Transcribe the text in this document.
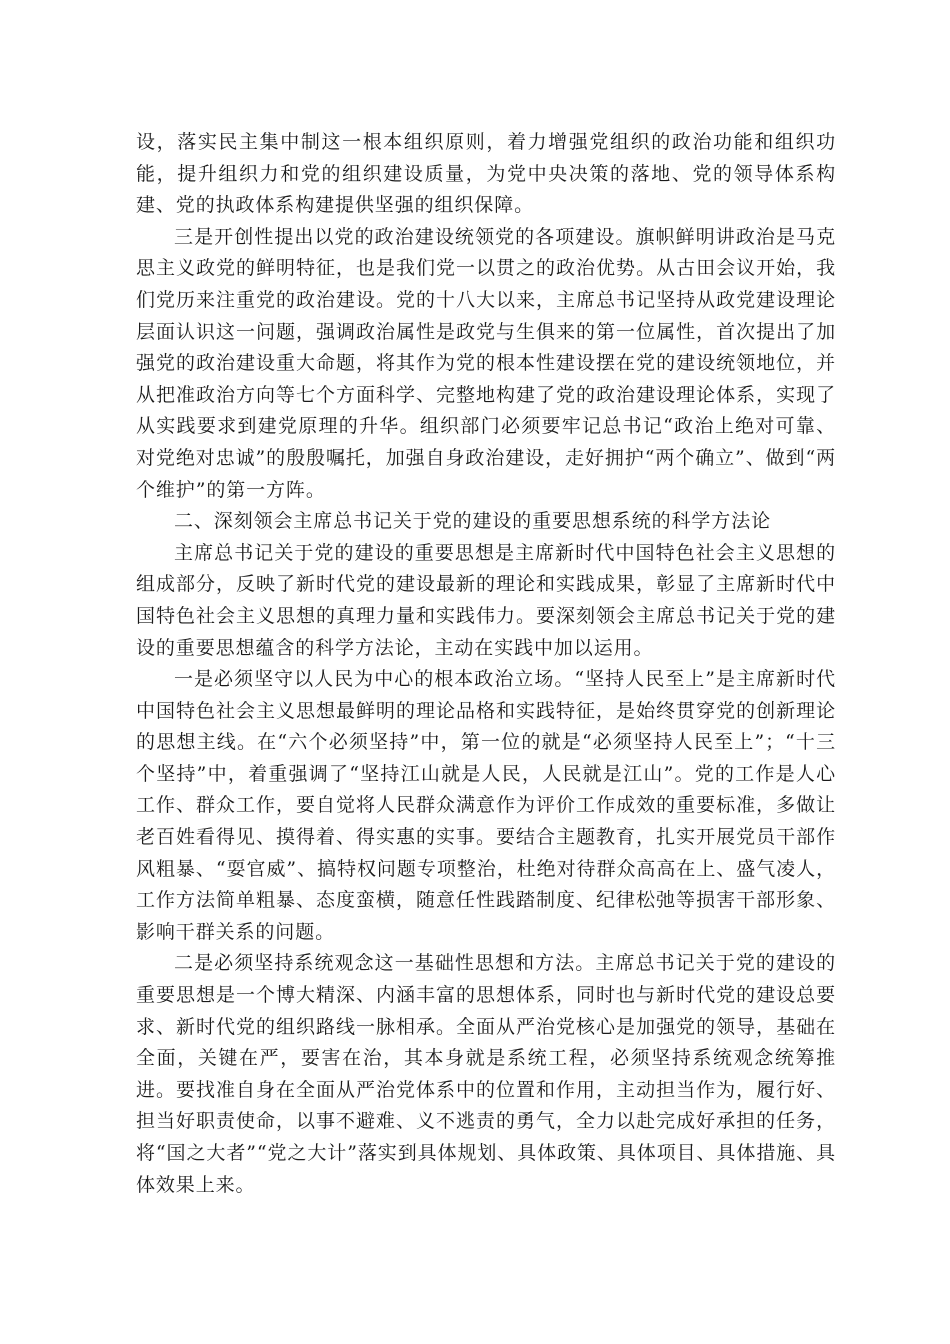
设，落实民主集中制这一根本组织原则，着力增强党组织的政治功能和组织功能，提升组织力和党的组织建设质量，为党中央决策的落地、党的领导体系构建、党的执政体系构建提供坚强的组织保障。

三是开创性提出以党的政治建设统领党的各项建设。旗帜鲜明讲政治是马克思主义政党的鲜明特征，也是我们党一以贯之的政治优势。从古田会议开始，我们党历来注重党的政治建设。党的十八大以来，主席总书记坚持从政党建设理论层面认识这一问题，强调政治属性是政党与生俱来的第一位属性，首次提出了加强党的政治建设重大命题，将其作为党的根本性建设摆在党的建设统领地位，并从把准政治方向等七个方面科学、完整地构建了党的政治建设理论体系，实现了从实践要求到建党原理的升华。组织部门必须要牢记总书记“政治上绝对可靠、对党绝对忠诚”的殷殷嘱托，加强自身政治建设，走好拥护“两个确立”、做到“两个维护”的第一方阵。

二、深刻领会主席总书记关于党的建设的重要思想系统的科学方法论

主席总书记关于党的建设的重要思想是主席新时代中国特色社会主义思想的组成部分，反映了新时代党的建设最新的理论和实践成果，彰显了主席新时代中国特色社会主义思想的真理力量和实践伟力。要深刻领会主席总书记关于党的建设的重要思想蕴含的科学方法论，主动在实践中加以运用。

一是必须坚守以人民为中心的根本政治立场。“坚持人民至上”是主席新时代中国特色社会主义思想最鲜明的理论品格和实践特征，是始终贯穿党的创新理论的思想主线。在“六个必须坚持”中，第一位的就是“必须坚持人民至上”；“十三个坚持”中，着重强调了“坚持江山就是人民，人民就是江山”。党的工作是人心工作、群众工作，要自觉将人民群众满意作为评价工作成效的重要标准，多做让老百姓看得见、摸得着、得实惠的实事。要结合主题教育，扎实开展党员干部作风粗暴、“耍官威”、搞特权问题专项整治，杜绝对待群众高高在上、盛气凌人，工作方法简单粗暴、态度蛮横，随意任性践踏制度、纪律松弛等损害干部形象、影响干群关系的问题。

二是必须坚持系统观念这一基础性思想和方法。主席总书记关于党的建设的重要思想是一个博大精深、内涵丰富的思想体系，同时也与新时代党的建设总要求、新时代党的组织路线一脉相承。全面从严治党核心是加强党的领导，基础在全面，关键在严，要害在治，其本身就是系统工程，必须坚持系统观念统筹推进。要找准自身在全面从严治党体系中的位置和作用，主动担当作为，履行好、担当好职责使命，以事不避难、义不逃责的勇气，全力以赴完成好承担的任务，将“国之大者”“党之大计”落实到具体规划、具体政策、具体项目、具体措施、具体效果上来。
